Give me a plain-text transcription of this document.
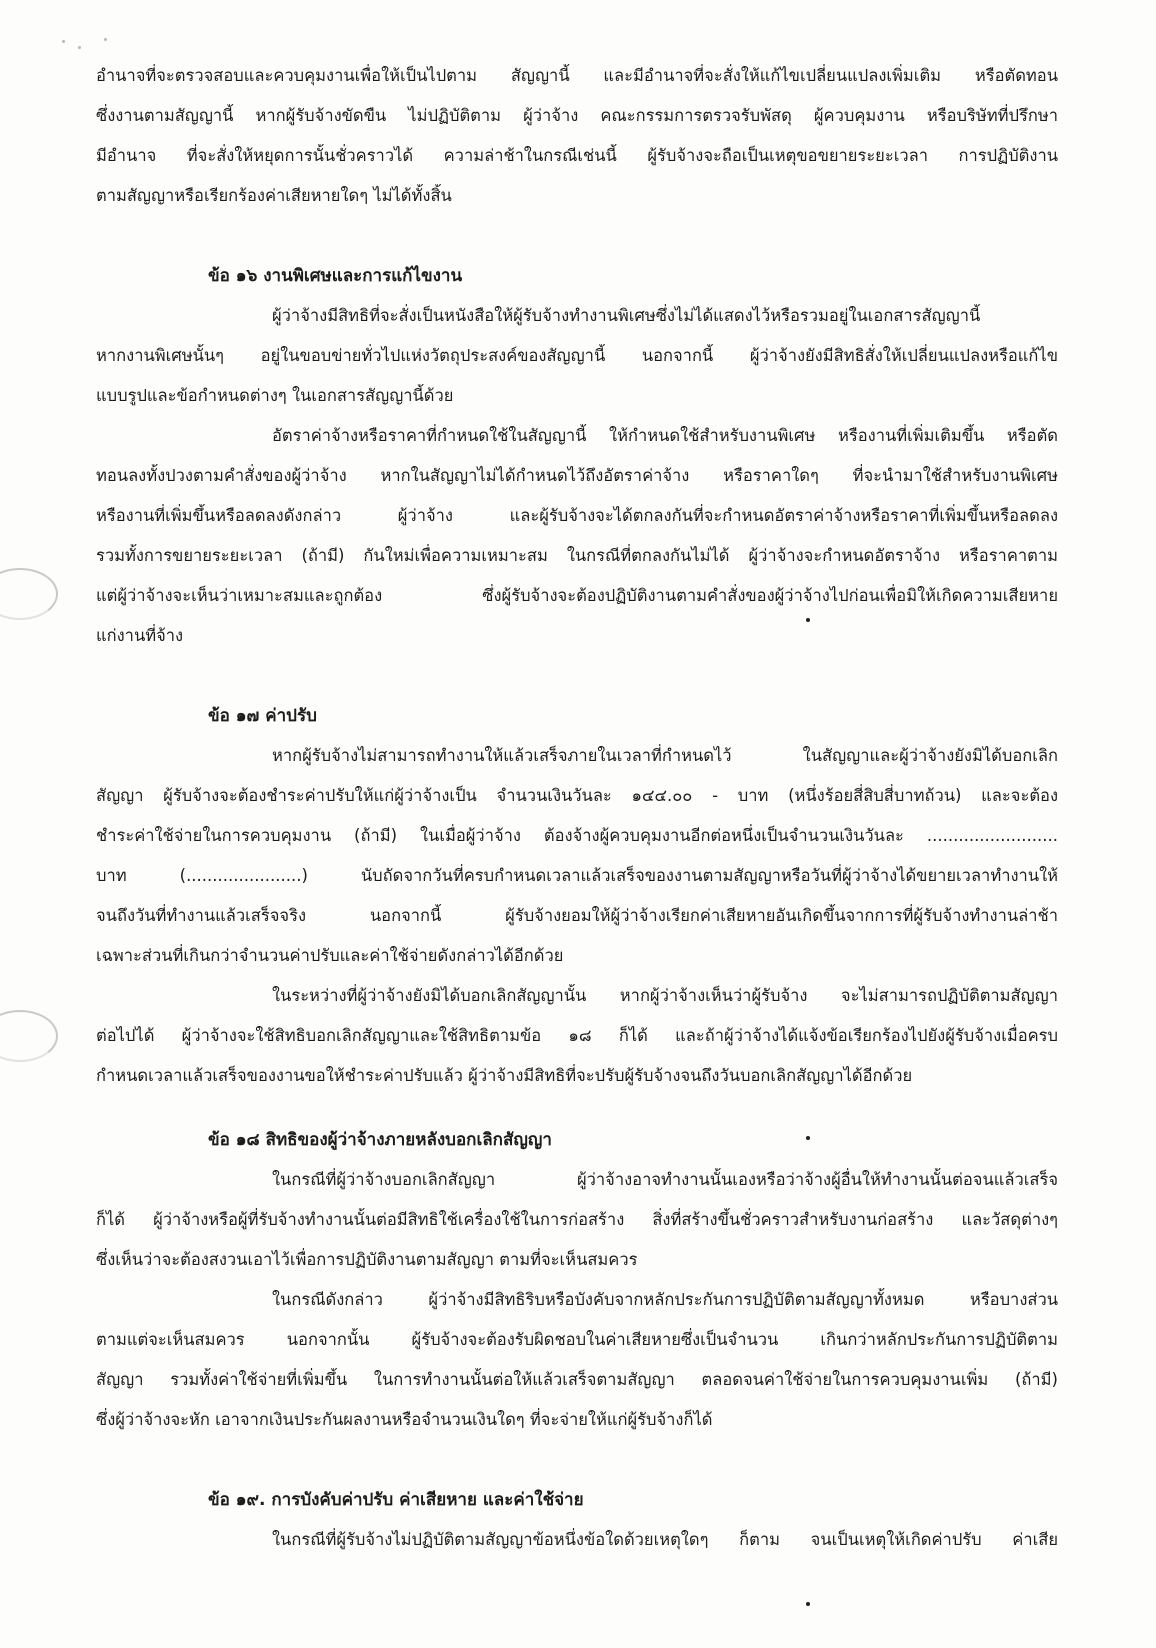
อำนาจที่จะตรวจสอบและควบคุมงานเพื่อให้เป็นไปตาม สัญญานี้ และมีอำนาจที่จะสั่งให้แก้ไขเปลี่ยนแปลงเพิ่มเติม หรือตัดทอน
ซึ่งงานตามสัญญานี้ หากผู้รับจ้างขัดขืน ไม่ปฏิบัติตาม ผู้ว่าจ้าง คณะกรรมการตรวจรับพัสดุ ผู้ควบคุมงาน หรือบริษัทที่ปรึกษา
มีอำนาจ ที่จะสั่งให้หยุดการนั้นชั่วคราวได้ ความล่าช้าในกรณีเช่นนี้ ผู้รับจ้างจะถือเป็นเหตุขอขยายระยะเวลา การปฏิบัติงาน
ตามสัญญาหรือเรียกร้องค่าเสียหายใดๆ ไม่ได้ทั้งสิ้น
ข้อ ๑๖ งานพิเศษและการแก้ไขงาน
ผู้ว่าจ้างมีสิทธิที่จะสั่งเป็นหนังสือให้ผู้รับจ้างทำงานพิเศษซึ่งไม่ได้แสดงไว้หรือรวมอยู่ในเอกสารสัญญานี้
หากงานพิเศษนั้นๆ อยู่ในขอบข่ายทั่วไปแห่งวัตถุประสงค์ของสัญญานี้ นอกจากนี้ ผู้ว่าจ้างยังมีสิทธิสั่งให้เปลี่ยนแปลงหรือแก้ไข
แบบรูปและข้อกำหนดต่างๆ ในเอกสารสัญญานี้ด้วย
อัตราค่าจ้างหรือราคาที่กำหนดใช้ในสัญญานี้ ให้กำหนดใช้สำหรับงานพิเศษ หรืองานที่เพิ่มเติมขึ้น หรือตัด
ทอนลงทั้งปวงตามคำสั่งของผู้ว่าจ้าง หากในสัญญาไม่ได้กำหนดไว้ถึงอัตราค่าจ้าง หรือราคาใดๆ ที่จะนำมาใช้สำหรับงานพิเศษ
หรืองานที่เพิ่มขึ้นหรือลดลงดังกล่าว ผู้ว่าจ้าง และผู้รับจ้างจะได้ตกลงกันที่จะกำหนดอัตราค่าจ้างหรือราคาที่เพิ่มขึ้นหรือลดลง
รวมทั้งการขยายระยะเวลา (ถ้ามี) กันใหม่เพื่อความเหมาะสม ในกรณีที่ตกลงกันไม่ได้ ผู้ว่าจ้างจะกำหนดอัตราจ้าง หรือราคาตาม
แต่ผู้ว่าจ้างจะเห็นว่าเหมาะสมและถูกต้อง ซึ่งผู้รับจ้างจะต้องปฏิบัติงานตามคำสั่งของผู้ว่าจ้างไปก่อนเพื่อมิให้เกิดความเสียหาย
แก่งานที่จ้าง
ข้อ ๑๗ ค่าปรับ
หากผู้รับจ้างไม่สามารถทำงานให้แล้วเสร็จภายในเวลาที่กำหนดไว้ ในสัญญาและผู้ว่าจ้างยังมิได้บอกเลิก
สัญญา ผู้รับจ้างจะต้องชำระค่าปรับให้แก่ผู้ว่าจ้างเป็น จำนวนเงินวันละ ๑๔๔.๐๐ - บาท (หนึ่งร้อยสี่สิบสี่บาทถ้วน) และจะต้อง
ชำระค่าใช้จ่ายในการควบคุมงาน (ถ้ามี) ในเมื่อผู้ว่าจ้าง ต้องจ้างผู้ควบคุมงานอีกต่อหนึ่งเป็นจำนวนเงินวันละ .........................
บาท (......................) นับถัดจากวันที่ครบกำหนดเวลาแล้วเสร็จของงานตามสัญญาหรือวันที่ผู้ว่าจ้างได้ขยายเวลาทำงานให้
จนถึงวันที่ทำงานแล้วเสร็จจริง นอกจากนี้ ผู้รับจ้างยอมให้ผู้ว่าจ้างเรียกค่าเสียหายอันเกิดขึ้นจากการที่ผู้รับจ้างทำงานล่าช้า
เฉพาะส่วนที่เกินกว่าจำนวนค่าปรับและค่าใช้จ่ายดังกล่าวได้อีกด้วย
ในระหว่างที่ผู้ว่าจ้างยังมิได้บอกเลิกสัญญานั้น หากผู้ว่าจ้างเห็นว่าผู้รับจ้าง จะไม่สามารถปฏิบัติตามสัญญา
ต่อไปได้ ผู้ว่าจ้างจะใช้สิทธิบอกเลิกสัญญาและใช้สิทธิตามข้อ ๑๘ ก็ได้ และถ้าผู้ว่าจ้างได้แจ้งข้อเรียกร้องไปยังผู้รับจ้างเมื่อครบ
กำหนดเวลาแล้วเสร็จของงานขอให้ชำระค่าปรับแล้ว ผู้ว่าจ้างมีสิทธิที่จะปรับผู้รับจ้างจนถึงวันบอกเลิกสัญญาได้อีกด้วย
ข้อ ๑๘ สิทธิของผู้ว่าจ้างภายหลังบอกเลิกสัญญา
ในกรณีที่ผู้ว่าจ้างบอกเลิกสัญญา ผู้ว่าจ้างอาจทำงานนั้นเองหรือว่าจ้างผู้อื่นให้ทำงานนั้นต่อจนแล้วเสร็จ
ก็ได้ ผู้ว่าจ้างหรือผู้ที่รับจ้างทำงานนั้นต่อมีสิทธิใช้เครื่องใช้ในการก่อสร้าง สิ่งที่สร้างขึ้นชั่วคราวสำหรับงานก่อสร้าง และวัสดุต่างๆ
ซึ่งเห็นว่าจะต้องสงวนเอาไว้เพื่อการปฏิบัติงานตามสัญญา ตามที่จะเห็นสมควร
ในกรณีดังกล่าว ผู้ว่าจ้างมีสิทธิริบหรือบังคับจากหลักประกันการปฏิบัติตามสัญญาทั้งหมด หรือบางส่วน
ตามแต่จะเห็นสมควร นอกจากนั้น ผู้รับจ้างจะต้องรับผิดชอบในค่าเสียหายซึ่งเป็นจำนวน เกินกว่าหลักประกันการปฏิบัติตาม
สัญญา รวมทั้งค่าใช้จ่ายที่เพิ่มขึ้น ในการทำงานนั้นต่อให้แล้วเสร็จตามสัญญา ตลอดจนค่าใช้จ่ายในการควบคุมงานเพิ่ม (ถ้ามี)
ซึ่งผู้ว่าจ้างจะหัก เอาจากเงินประกันผลงานหรือจำนวนเงินใดๆ ที่จะจ่ายให้แก่ผู้รับจ้างก็ได้
ข้อ ๑๙. การบังคับค่าปรับ ค่าเสียหาย และค่าใช้จ่าย
ในกรณีที่ผู้รับจ้างไม่ปฏิบัติตามสัญญาข้อหนึ่งข้อใดด้วยเหตุใดๆ ก็ตาม จนเป็นเหตุให้เกิดค่าปรับ ค่าเสีย
